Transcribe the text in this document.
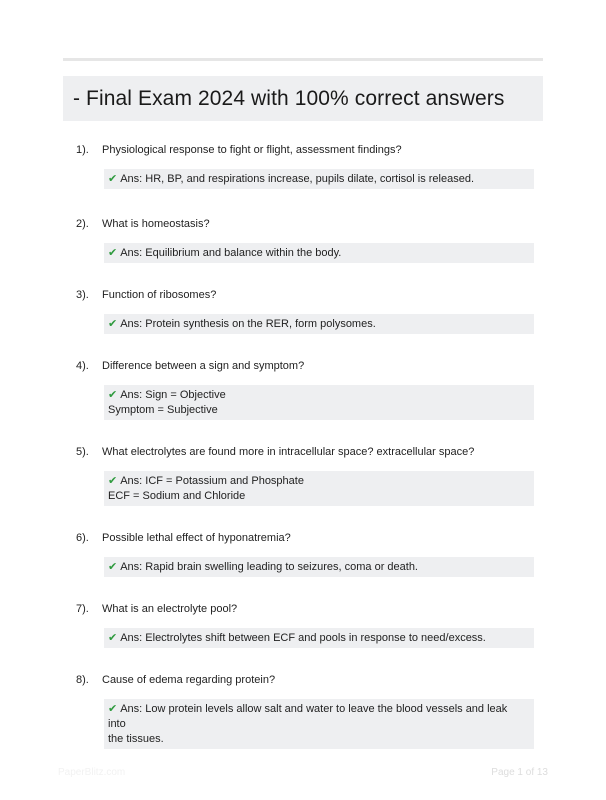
- Final Exam 2024 with 100% correct answers
1).	Physiological response to fight or flight, assessment findings?
✔ Ans: HR, BP, and respirations increase, pupils dilate, cortisol is released.
2).	What is homeostasis?
✔ Ans: Equilibrium and balance within the body.
3).	Function of ribosomes?
✔ Ans: Protein synthesis on the RER, form polysomes.
4).	Difference between a sign and symptom?
✔ Ans: Sign = Objective
Symptom = Subjective
5).	What electrolytes are found more in intracellular space? extracellular space?
✔ Ans: ICF = Potassium and Phosphate
ECF = Sodium and Chloride
6).	Possible lethal effect of hyponatremia?
✔ Ans: Rapid brain swelling leading to seizures, coma or death.
7).	What is an electrolyte pool?
✔ Ans: Electrolytes shift between ECF and pools in response to need/excess.
8).	Cause of edema regarding protein?
✔ Ans: Low protein levels allow salt and water to leave the blood vessels and leak into
the tissues.
PaperBlitz.com	Page 1 of 13
